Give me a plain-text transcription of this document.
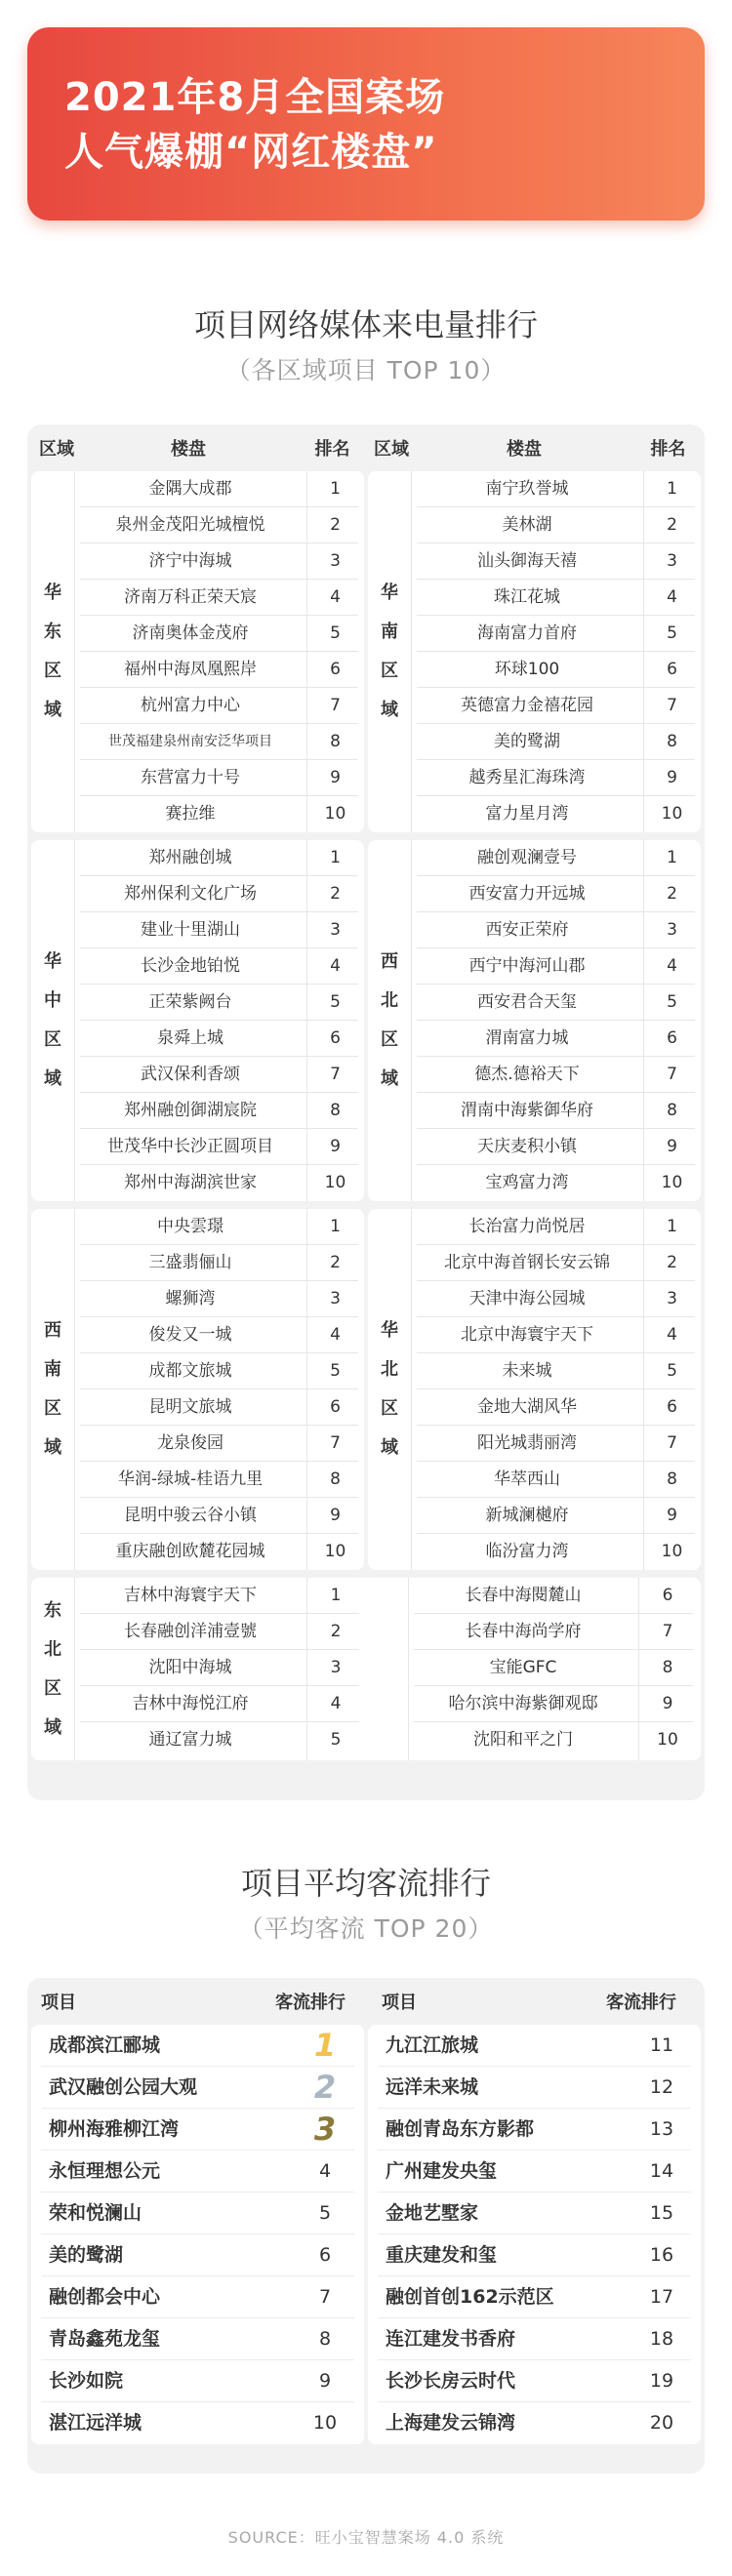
2021年8月全国案场
人气爆棚“网红楼盘”
项目网络媒体来电量排行
（各区域项目 TOP 10）
区域	楼盘	排名	区域	楼盘	排名
华
东
区
域
金隅大成郡	1
泉州金茂阳光城檀悦	2
济宁中海城	3
济南万科正荣天宸	4
济南奥体金茂府	5
福州中海凤凰熙岸	6
杭州富力中心	7
世茂福建泉州南安泛华项目	8
东营富力十号	9
赛拉维	10
华
南
区
域
南宁玖誉城	1
美林湖	2
汕头御海天禧	3
珠江花城	4
海南富力首府	5
环球100	6
英德富力金禧花园	7
美的鹭湖	8
越秀星汇海珠湾	9
富力星月湾	10
华
中
区
域
郑州融创城	1
郑州保利文化广场	2
建业十里湖山	3
长沙金地铂悦	4
正荣紫阙台	5
泉舜上城	6
武汉保利香颂	7
郑州融创御湖宸院	8
世茂华中长沙正圆项目	9
郑州中海湖滨世家	10
西
北
区
域
融创观澜壹号	1
西安富力开远城	2
西安正荣府	3
西宁中海河山郡	4
西安君合天玺	5
渭南富力城	6
德杰.德裕天下	7
渭南中海紫御华府	8
天庆麦积小镇	9
宝鸡富力湾	10
西
南
区
域
中央雲璟	1
三盛翡俪山	2
螺狮湾	3
俊发又一城	4
成都文旅城	5
昆明文旅城	6
龙泉俊园	7
华润-绿城-桂语九里	8
昆明中骏云谷小镇	9
重庆融创欧麓花园城	10
华
北
区
域
长治富力尚悦居	1
北京中海首钢长安云锦	2
天津中海公园城	3
北京中海寰宇天下	4
未来城	5
金地大湖风华	6
阳光城翡丽湾	7
华萃西山	8
新城澜樾府	9
临汾富力湾	10
东
北
区
域
吉林中海寰宇天下	1
长春融创洋浦壹號	2
沈阳中海城	3
吉林中海悦江府	4
通辽富力城	5
长春中海閱麓山	6
长春中海尚学府	7
宝能GFC	8
哈尔滨中海紫御观邸	9
沈阳和平之门	10
项目平均客流排行
（平均客流 TOP 20）
项目	客流排行	项目	客流排行
成都滨江郦城	1
武汉融创公园大观	2
柳州海雅柳江湾	3
永恒理想公元	4
荣和悦澜山	5
美的鹭湖	6
融创都会中心	7
青岛鑫苑龙玺	8
长沙如院	9
湛江远洋城	10
九江江旅城	11
远洋未来城	12
融创青岛东方影都	13
广州建发央玺	14
金地艺墅家	15
重庆建发和玺	16
融创首创162示范区	17
连江建发书香府	18
长沙长房云时代	19
上海建发云锦湾	20
SOURCE：旺小宝智慧案场 4.0 系统
